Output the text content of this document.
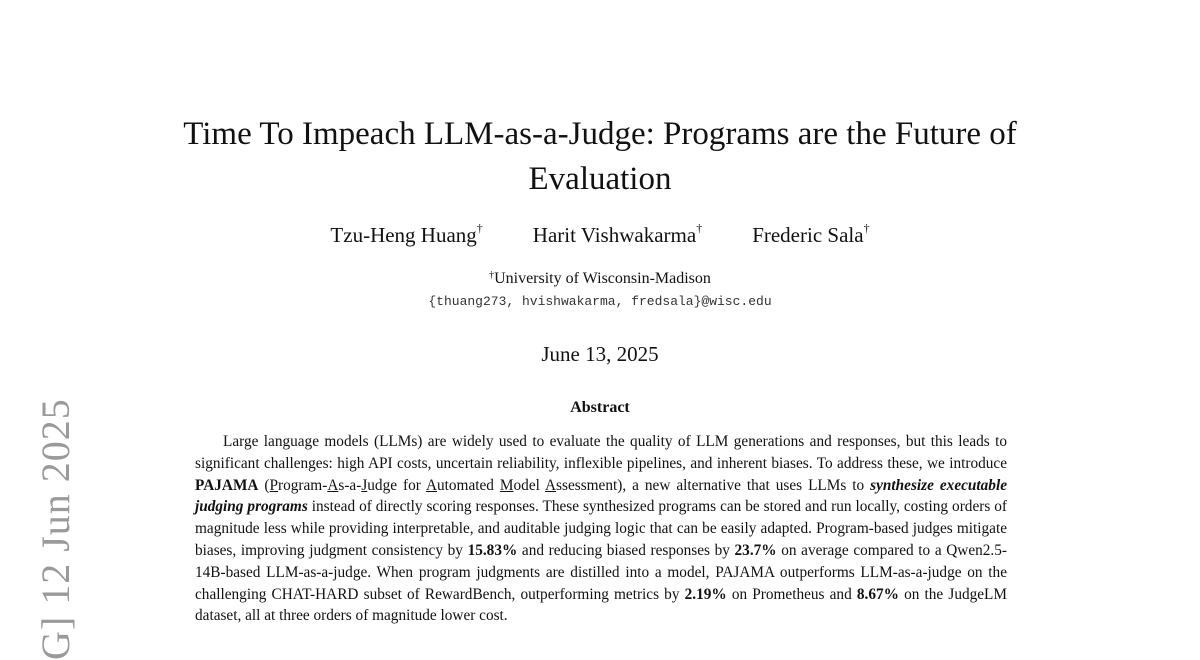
Time To Impeach LLM-as-a-Judge: Programs are the Future of Evaluation
Tzu-Heng Huang† Harit Vishwakarma† Frederic Sala†
†University of Wisconsin-Madison
{thuang273, hvishwakarma, fredsala}@wisc.edu
June 13, 2025
Abstract

Large language models (LLMs) are widely used to evaluate the quality of LLM generations and responses, but this leads to significant challenges: high API costs, uncertain reliability, inflexible pipelines, and inherent biases. To address these, we introduce PAJAMA (Program-As-a-Judge for Automated Model Assessment), a new alternative that uses LLMs to synthesize executable judging programs instead of directly scoring responses. These synthesized programs can be stored and run locally, costing orders of magnitude less while providing interpretable, and auditable judging logic that can be easily adapted. Program-based judges mitigate biases, improving judgment consistency by 15.83% and reducing biased responses by 23.7% on average compared to a Qwen2.5-14B-based LLM-as-a-judge. When program judgments are distilled into a model, PAJAMA outperforms LLM-as-a-judge on the challenging CHAT-HARD subset of RewardBench, outperforming metrics by 2.19% on Prometheus and 8.67% on the JudgeLM dataset, all at three orders of magnitude lower cost.

G] 12 Jun 2025
